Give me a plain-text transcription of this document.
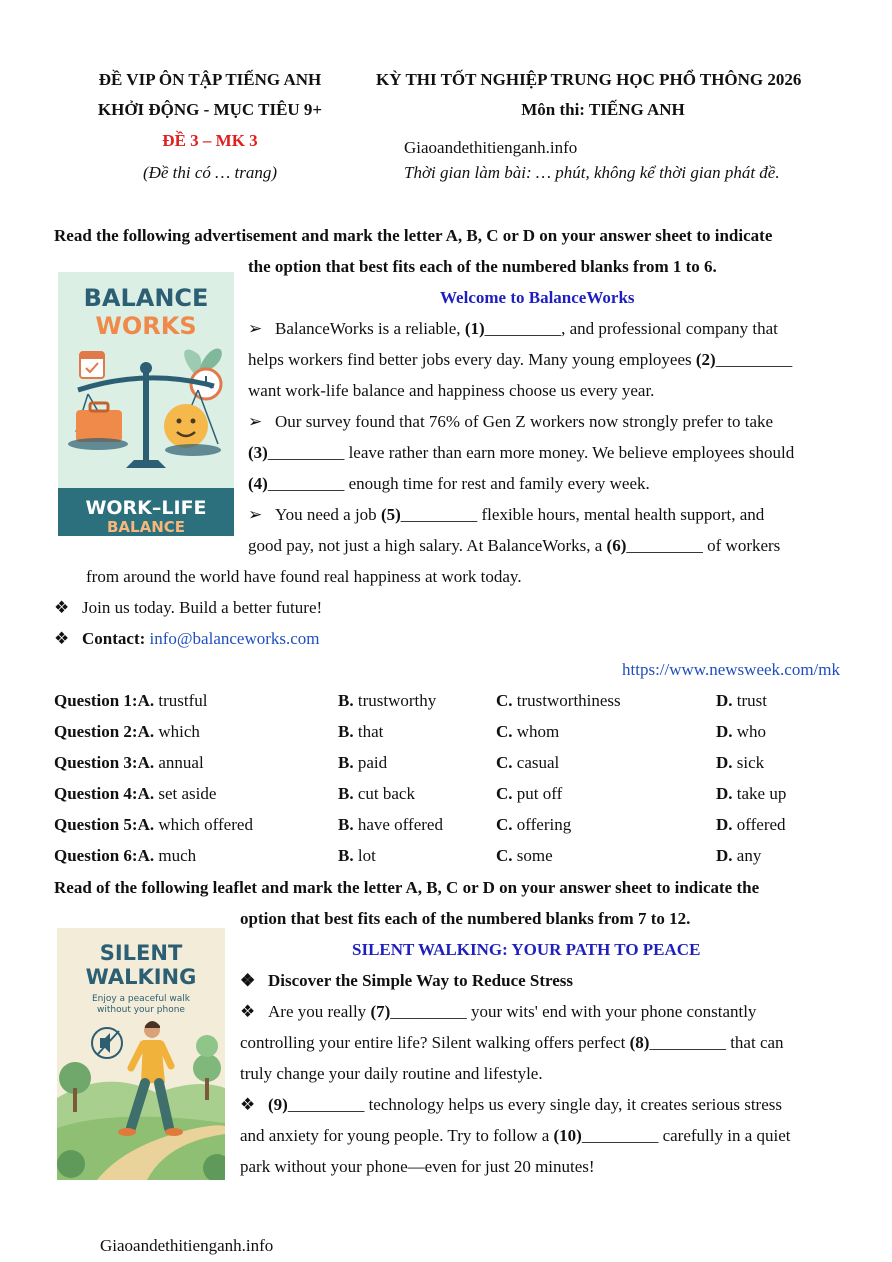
ĐỀ VIP ÔN TẬP TIẾNG ANH
KHỞI ĐỘNG - MỤC TIÊU 9+
ĐỀ 3 – MK 3
(Đề thi có … trang)
KỲ THI TỐT NGHIỆP TRUNG HỌC PHỔ THÔNG 2026
Môn thi: TIẾNG ANH
Giaoandethitienganh.info
Thời gian làm bài: … phút, không kể thời gian phát đề.
Read the following advertisement and mark the letter A, B, C or D on your answer sheet to indicate
the option that best fits each of the numbered blanks from 1 to 6.
BALANCE
WORKS
WORK–LIFE
BALANCE
Welcome to BalanceWorks
➢   BalanceWorks is a reliable, (1)_________, and professional company that
helps workers find better jobs every day. Many young employees (2)_________
want work-life balance and happiness choose us every year.
➢   Our survey found that 76% of Gen Z workers now strongly prefer to take
(3)_________ leave rather than earn more money. We believe employees should
(4)_________ enough time for rest and family every week.
➢   You need a job (5)_________ flexible hours, mental health support, and
good pay, not just a high salary. At BalanceWorks, a (6)_________ of workers
from around the world have found real happiness at work today.
❖   Join us today. Build a better future!
❖   Contact: info@balanceworks.com
https://www.newsweek.com/mk
Question 1:A. trustful	B. trustworthy	C. trustworthiness	D. trust
Question 2:A. which	B. that	C. whom	D. who
Question 3:A. annual	B. paid	C. casual	D. sick
Question 4:A. set aside	B. cut back	C. put off	D. take up
Question 5:A. which offered	B. have offered	C. offering	D. offered
Question 6:A. much	B. lot	C. some	D. any
Read of the following leaflet and mark the letter A, B, C or D on your answer sheet to indicate the
option that best fits each of the numbered blanks from 7 to 12.
SILENT
WALKING
Enjoy a peaceful walk
without your phone
SILENT WALKING: YOUR PATH TO PEACE
❖   Discover the Simple Way to Reduce Stress
❖   Are you really (7)_________ your wits' end with your phone constantly
controlling your entire life? Silent walking offers perfect (8)_________ that can
truly change your daily routine and lifestyle.
❖   (9)_________ technology helps us every single day, it creates serious stress
and anxiety for young people. Try to follow a (10)_________ carefully in a quiet
park without your phone—even for just 20 minutes!
Giaoandethitienganh.info
